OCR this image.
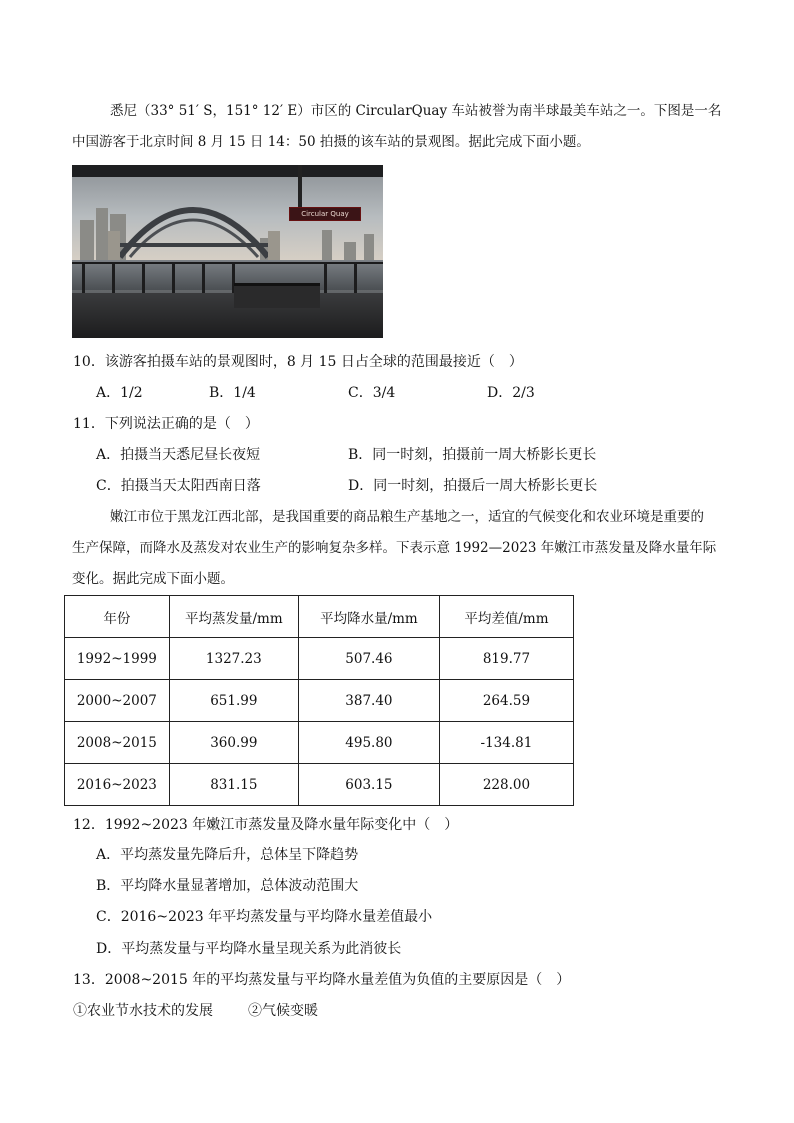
悉尼（33° 51′ S，151° 12′ E）市区的 CircularQuay 车站被誉为南半球最美车站之一。下图是一名
中国游客于北京时间 8 月 15 日 14：50 拍摄的该车站的景观图。据此完成下面小题。
Circular Quay
10．该游客拍摄车站的景观图时，8 月 15 日占全球的范围最接近（　）
A．1/2	B．1/4	C．3/4	D．2/3
11．下列说法正确的是（　）
A．拍摄当天悉尼昼长夜短	B．同一时刻，拍摄前一周大桥影长更长
C．拍摄当天太阳西南日落	D．同一时刻，拍摄后一周大桥影长更长
嫩江市位于黑龙江西北部，是我国重要的商品粮生产基地之一，适宜的气候变化和农业环境是重要的
生产保障，而降水及蒸发对农业生产的影响复杂多样。下表示意 1992—2023 年嫩江市蒸发量及降水量年际
变化。据此完成下面小题。
年份	平均蒸发量/mm	平均降水量/mm	平均差值/mm
1992~1999	1327.23	507.46	819.77
2000~2007	651.99	387.40	264.59
2008~2015	360.99	495.80	-134.81
2016~2023	831.15	603.15	228.00
12．1992~2023 年嫩江市蒸发量及降水量年际变化中（　）
A．平均蒸发量先降后升，总体呈下降趋势
B．平均降水量显著增加，总体波动范围大
C．2016~2023 年平均蒸发量与平均降水量差值最小
D．平均蒸发量与平均降水量呈现关系为此消彼长
13．2008~2015 年的平均蒸发量与平均降水量差值为负值的主要原因是（　）
①农业节水技术的发展	②气候变暖
